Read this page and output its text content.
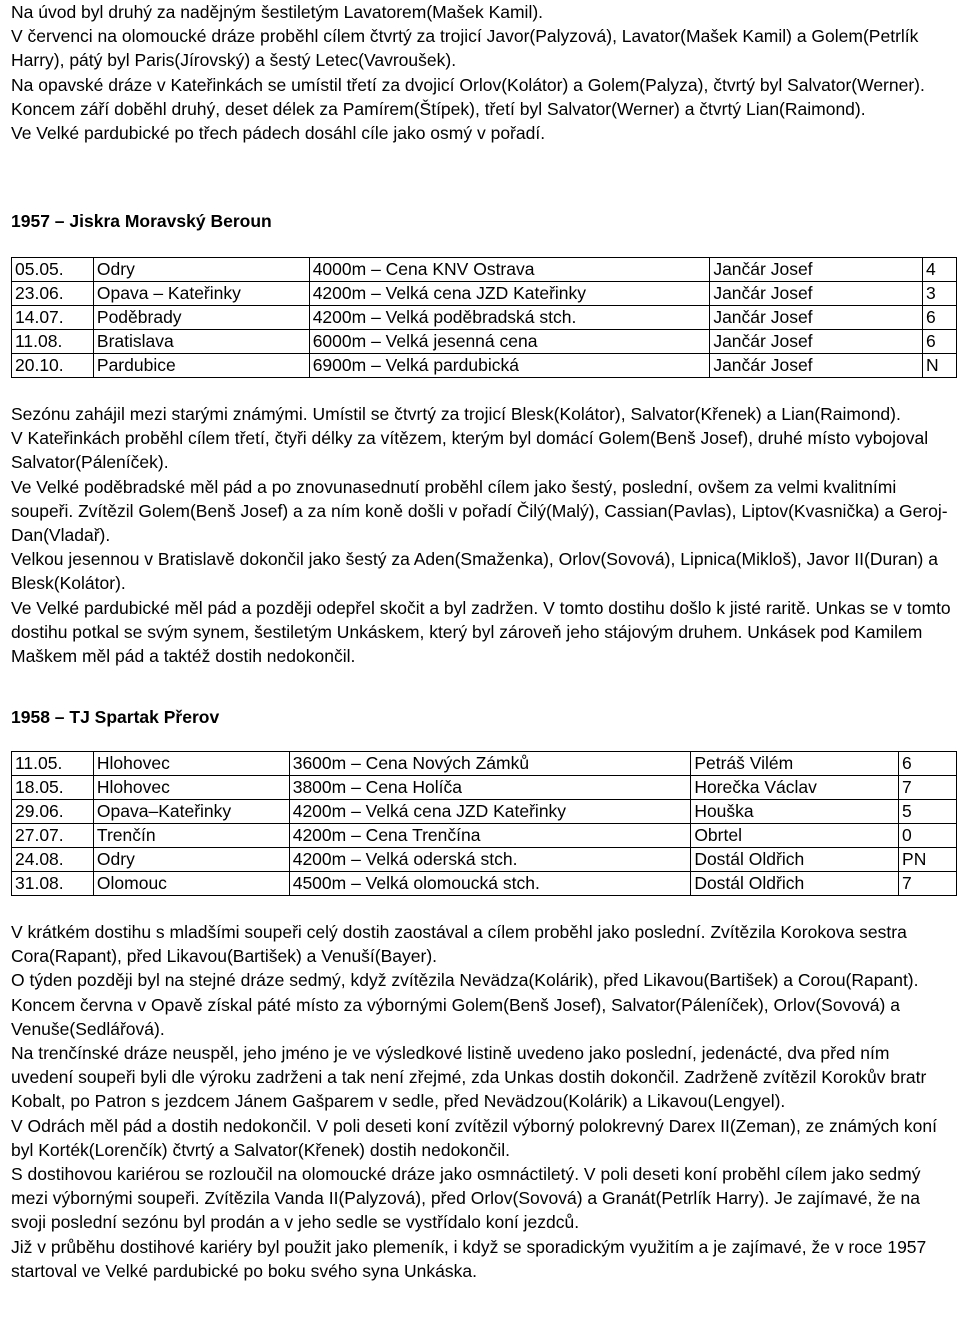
Na úvod byl druhý za nadějným šestiletým Lavatorem(Mašek Kamil).

V červenci na olomoucké dráze proběhl cílem čtvrtý za trojicí Javor(Palyzová), Lavator(Mašek Kamil) a Golem(Petrlík Harry), pátý byl Paris(Jírovský) a šestý Letec(Vavroušek).

Na opavské dráze v Kateřinkách se umístil třetí za dvojicí Orlov(Kolátor) a Golem(Palyza), čtvrtý byl Salvator(Werner).

Koncem září doběhl druhý, deset délek za Pamírem(Štípek), třetí byl Salvator(Werner) a čtvrtý Lian(Raimond).

Ve Velké pardubické po třech pádech dosáhl cíle jako osmý v pořadí.

1957 – Jiskra Moravský Beroun
05.05.	Odry	4000m – Cena KNV Ostrava	Jančár Josef	4
23.06.	Opava – Kateřinky	4200m – Velká cena JZD Kateřinky	Jančár Josef	3
14.07.	Poděbrady	4200m – Velká poděbradská stch.	Jančár Josef	6
11.08.	Bratislava	6000m – Velká jesenná cena	Jančár Josef	6
20.10.	Pardubice	6900m – Velká pardubická	Jančár Josef	N

Sezónu zahájil mezi starými známými. Umístil se čtvrtý za trojicí Blesk(Kolátor), Salvator(Křenek) a Lian(Raimond).

V Kateřinkách proběhl cílem třetí, čtyři délky za vítězem, kterým byl domácí Golem(Benš Josef), druhé místo vybojoval Salvator(Páleníček).

Ve Velké poděbradské měl pád a po znovunasednutí proběhl cílem jako šestý, poslední, ovšem za velmi kvalitními soupeři. Zvítězil Golem(Benš Josef) a za ním koně došli v pořadí Čilý(Malý), Cassian(Pavlas), Liptov(Kvasnička) a Geroj-Dan(Vladař).

Velkou jesennou v Bratislavě dokončil jako šestý za Aden(Smaženka), Orlov(Sovová), Lipnica(Mikloš), Javor II(Duran) a Blesk(Kolátor).

Ve Velké pardubické měl pád a později odepřel skočit a byl zadržen. V tomto dostihu došlo k jisté raritě. Unkas se v tomto dostihu potkal se svým synem, šestiletým Unkáskem, který byl zároveň jeho stájovým druhem. Unkásek pod Kamilem Maškem měl pád a taktéž dostih nedokončil.

1958 – TJ Spartak Přerov
11.05.	Hlohovec	3600m – Cena Nových Zámků	Petráš Vilém	6
18.05.	Hlohovec	3800m – Cena Holíča	Horečka Václav	7
29.06.	Opava–Kateřinky	4200m – Velká cena JZD Kateřinky	Houška	5
27.07.	Trenčín	4200m – Cena Trenčína	Obrtel	0
24.08.	Odry	4200m – Velká oderská stch.	Dostál Oldřich	PN
31.08.	Olomouc	4500m – Velká olomoucká stch.	Dostál Oldřich	7

V krátkém dostihu s mladšími soupeři celý dostih zaostával a cílem proběhl jako poslední. Zvítězila Korokova sestra Cora(Rapant), před Likavou(Bartišek) a Venuší(Bayer).

O týden později byl na stejné dráze sedmý, když zvítězila Nevädza(Kolárik), před Likavou(Bartišek) a Corou(Rapant).

Koncem června v Opavě získal páté místo za výbornými Golem(Benš Josef), Salvator(Páleníček), Orlov(Sovová) a Venuše(Sedlářová).

Na trenčínské dráze neuspěl, jeho jméno je ve výsledkové listině uvedeno jako poslední, jedenácté, dva před ním uvedení soupeři byli dle výroku zadrženi a tak není zřejmé, zda Unkas dostih dokončil. Zadrženě zvítězil Korokův bratr Kobalt, po Patron s jezdcem Jánem Gašparem v sedle, před Nevädzou(Kolárik) a Likavou(Lengyel).

V Odrách měl pád a dostih nedokončil. V poli deseti koní zvítězil výborný polokrevný Darex II(Zeman), ze známých koní byl Korték(Lorenčík) čtvrtý a Salvator(Křenek) dostih nedokončil.

S dostihovou kariérou se rozloučil na olomoucké dráze jako osmnáctiletý. V poli deseti koní proběhl cílem jako sedmý mezi výbornými soupeři. Zvítězila Vanda II(Palyzová), před Orlov(Sovová) a Granát(Petrlík Harry). Je zajímavé, že na svoji poslední sezónu byl prodán a v jeho sedle se vystřídalo koní jezdců.

Již v průběhu dostihové kariéry byl použit jako plemeník, i když se sporadickým využitím a je zajímavé, že v roce 1957 startoval ve Velké pardubické po boku svého syna Unkáska.
